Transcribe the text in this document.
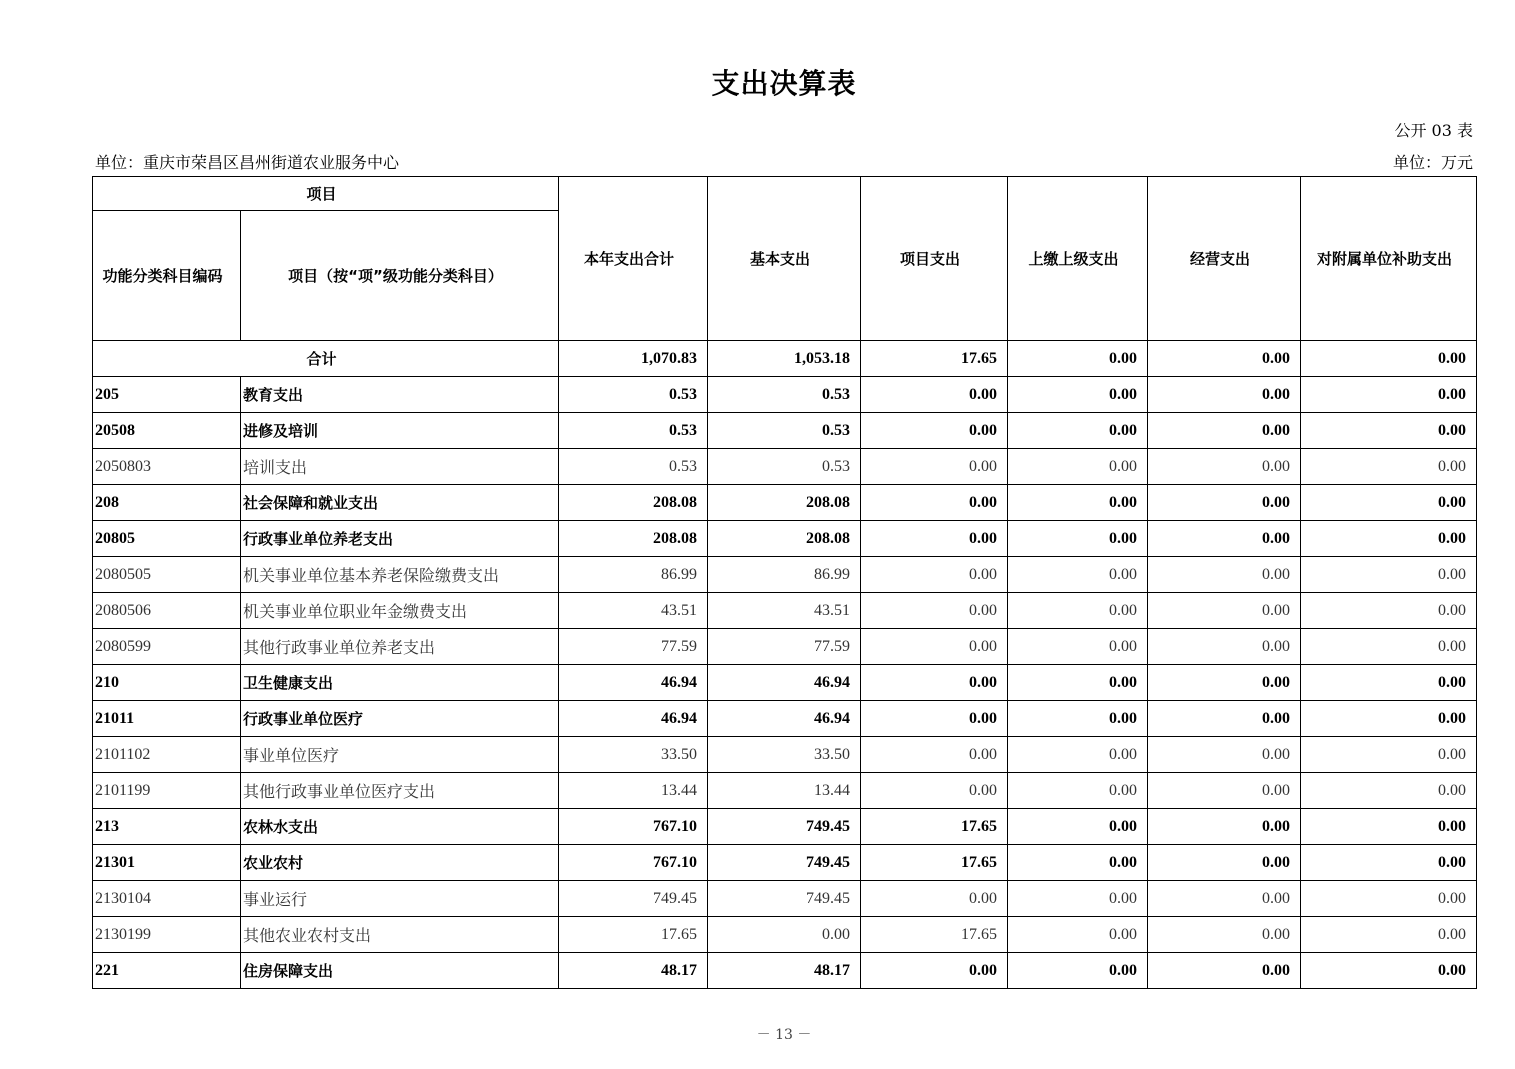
支出决算表
公开 03 表
单位：重庆市荣昌区昌州街道农业服务中心	单位：万元
项目		本年支出合计	基本支出	项目支出	上缴上级支出	经营支出	对附属单位补助支出
功能分类科目编码	项目（按“项”级功能分类科目）						
合计		1,070.83	1,053.18	17.65	0.00	0.00	0.00
205	教育支出	0.53	0.53	0.00	0.00	0.00	0.00
20508	进修及培训	0.53	0.53	0.00	0.00	0.00	0.00
2050803	培训支出	0.53	0.53	0.00	0.00	0.00	0.00
208	社会保障和就业支出	208.08	208.08	0.00	0.00	0.00	0.00
20805	行政事业单位养老支出	208.08	208.08	0.00	0.00	0.00	0.00
2080505	机关事业单位基本养老保险缴费支出	86.99	86.99	0.00	0.00	0.00	0.00
2080506	机关事业单位职业年金缴费支出	43.51	43.51	0.00	0.00	0.00	0.00
2080599	其他行政事业单位养老支出	77.59	77.59	0.00	0.00	0.00	0.00
210	卫生健康支出	46.94	46.94	0.00	0.00	0.00	0.00
21011	行政事业单位医疗	46.94	46.94	0.00	0.00	0.00	0.00
2101102	事业单位医疗	33.50	33.50	0.00	0.00	0.00	0.00
2101199	其他行政事业单位医疗支出	13.44	13.44	0.00	0.00	0.00	0.00
213	农林水支出	767.10	749.45	17.65	0.00	0.00	0.00
21301	农业农村	767.10	749.45	17.65	0.00	0.00	0.00
2130104	事业运行	749.45	749.45	0.00	0.00	0.00	0.00
2130199	其他农业农村支出	17.65	0.00	17.65	0.00	0.00	0.00
221	住房保障支出	48.17	48.17	0.00	0.00	0.00	0.00
－ 13 －
